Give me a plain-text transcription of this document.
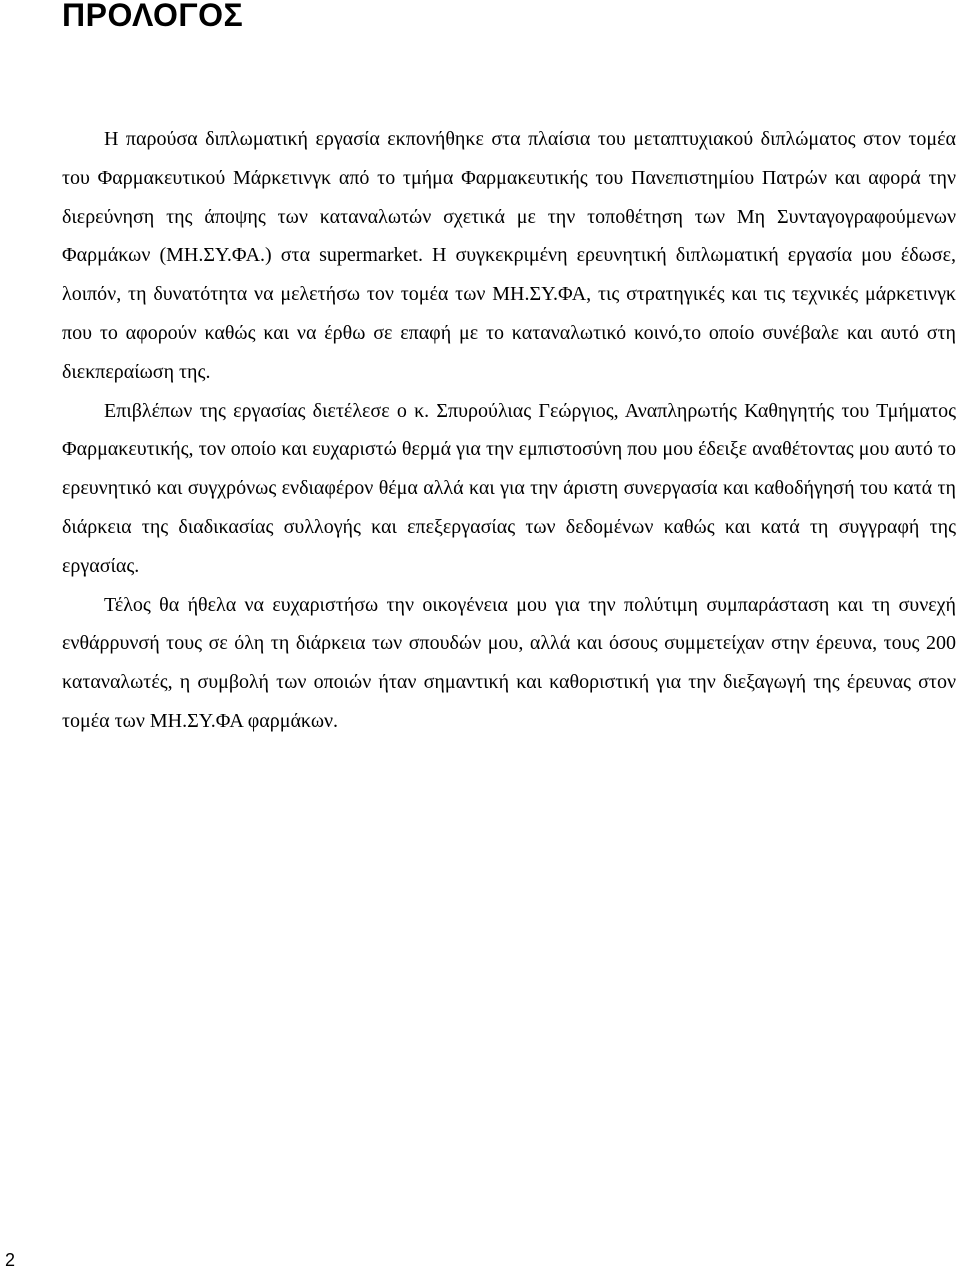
ΠΡΟΛΟΓΟΣ

Η παρούσα διπλωματική εργασία εκπονήθηκε στα πλαίσια του μεταπτυχιακού διπλώματος στον τομέα του Φαρμακευτικού Μάρκετινγκ από το τμήμα Φαρμακευτικής του Πανεπιστημίου Πατρών και αφορά την διερεύνηση της άποψης των καταναλωτών σχετικά με την τοποθέτηση των Μη Συνταγογραφούμενων Φαρμάκων (ΜΗ.ΣΥ.ΦΑ.) στα supermarket. Η συγκεκριμένη ερευνητική διπλωματική εργασία μου έδωσε, λοιπόν, τη δυνατότητα να μελετήσω τον τομέα των ΜΗ.ΣΥ.ΦΑ, τις στρατηγικές και τις τεχνικές μάρκετινγκ που το αφορούν καθώς και να έρθω σε επαφή με το καταναλωτικό κοινό,το οποίο συνέβαλε και αυτό στη διεκπεραίωση της.

Επιβλέπων της εργασίας διετέλεσε ο κ. Σπυρούλιας Γεώργιος, Αναπληρωτής Καθηγητής του Τμήματος Φαρμακευτικής, τον οποίο και ευχαριστώ θερμά για την εμπιστοσύνη που μου έδειξε αναθέτοντας μου αυτό το ερευνητικό και συγχρόνως ενδιαφέρον θέμα αλλά και για την άριστη συνεργασία και καθοδήγησή του κατά τη διάρκεια της διαδικασίας συλλογής και επεξεργασίας των δεδομένων καθώς και κατά τη συγγραφή της εργασίας.

Τέλος θα ήθελα να ευχαριστήσω την οικογένεια μου για την πολύτιμη συμπαράσταση και τη συνεχή ενθάρρυνσή τους σε όλη τη διάρκεια των σπουδών μου, αλλά και όσους συμμετείχαν στην έρευνα, τους 200 καταναλωτές, η συμβολή των οποιών ήταν σημαντική και καθοριστική για την διεξαγωγή της έρευνας στον τομέα των ΜΗ.ΣΥ.ΦΑ φαρμάκων.

2
